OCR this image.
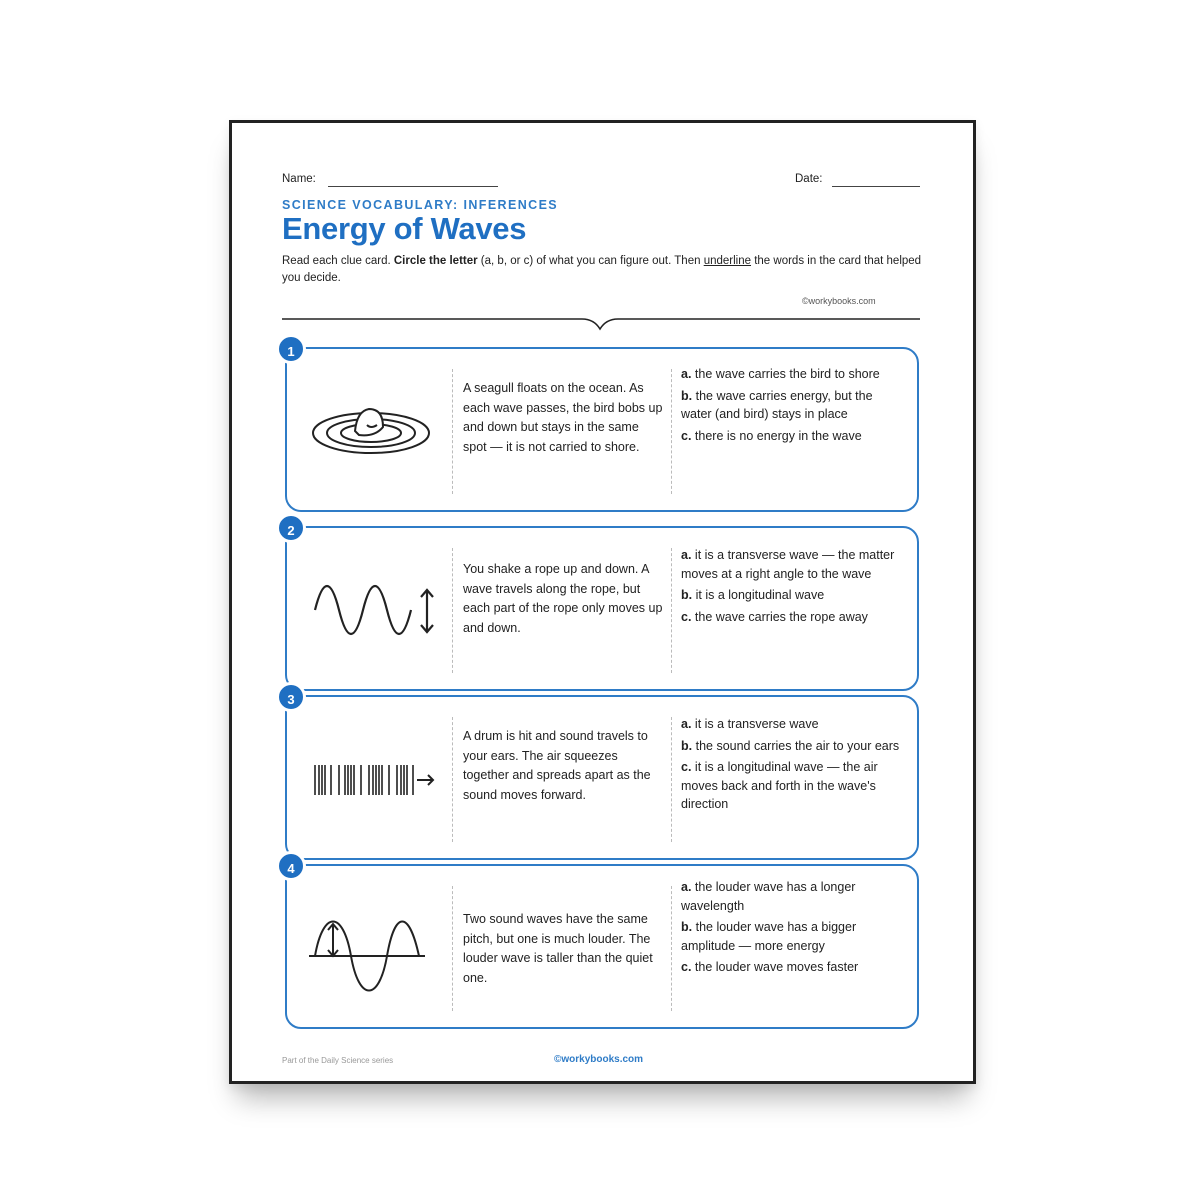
Name:	Date:
SCIENCE VOCABULARY: INFERENCES
Energy of Waves
Read each clue card. Circle the letter (a, b, or c) of what you can figure out. Then underline the words in the card that helped you decide.
©workybooks.com
1
A seagull floats on the ocean. As each wave passes, the bird bobs up and down but stays in the same spot — it is not carried to shore.
a. the wave carries the bird to shore
b. the wave carries energy, but the water (and bird) stays in place
c. there is no energy in the wave
2
You shake a rope up and down. A wave travels along the rope, but each part of the rope only moves up and down.
a. it is a transverse wave — the matter moves at a right angle to the wave
b. it is a longitudinal wave
c. the wave carries the rope away
3
A drum is hit and sound travels to your ears. The air squeezes together and spreads apart as the sound moves forward.
a. it is a transverse wave
b. the sound carries the air to your ears
c. it is a longitudinal wave — the air moves back and forth in the wave's direction
4
Two sound waves have the same pitch, but one is much louder. The louder wave is taller than the quiet one.
a. the louder wave has a longer wavelength
b. the louder wave has a bigger amplitude — more energy
c. the louder wave moves faster
Part of the Daily Science series	©workybooks.com
